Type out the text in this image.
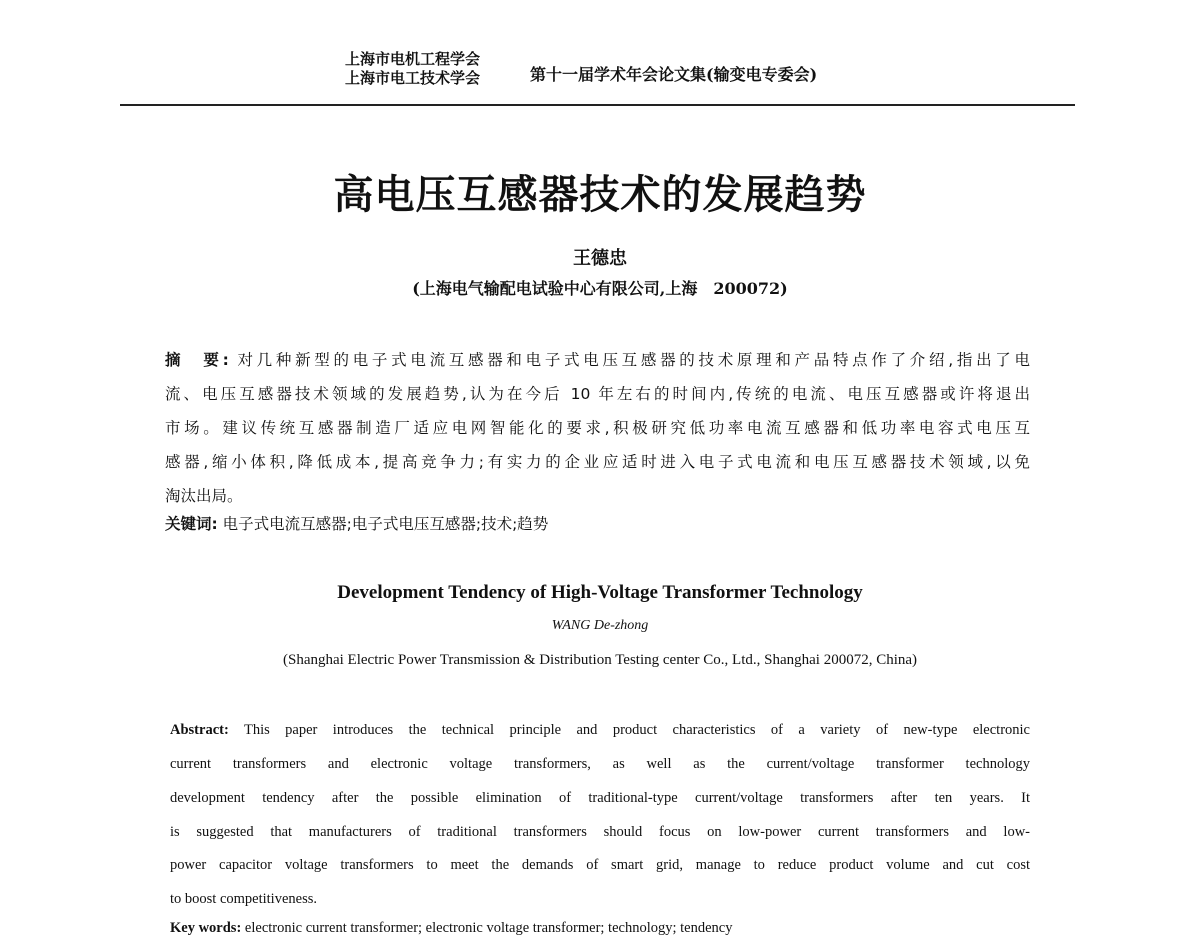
上海市电机工程学会
上海市电工技术学会	第十一届学术年会论文集(输变电专委会)
高电压互感器技术的发展趋势
王德忠
(上海电气输配电试验中心有限公司,上海　200072)
摘　要: 对几种新型的电子式电流互感器和电子式电压互感器的技术原理和产品特点作了介绍,指出了电
流、电压互感器技术领域的发展趋势,认为在今后 10 年左右的时间内,传统的电流、电压互感器或许将退出
市场。建议传统互感器制造厂适应电网智能化的要求,积极研究低功率电流互感器和低功率电容式电压互
感器,缩小体积,降低成本,提高竞争力;有实力的企业应适时进入电子式电流和电压互感器技术领域,以免
淘汰出局。
关键词: 电子式电流互感器;电子式电压互感器;技术;趋势
Development Tendency of High-Voltage Transformer Technology
WANG De-zhong
(Shanghai Electric Power Transmission & Distribution Testing center Co., Ltd., Shanghai 200072, China)
Abstract: This paper introduces the technical principle and product characteristics of a variety of new-type electronic
current transformers and electronic voltage transformers, as well as the current/voltage transformer technology
development tendency after the possible elimination of traditional-type current/voltage transformers after ten years. It
is suggested that manufacturers of traditional transformers should focus on low-power current transformers and low-
power capacitor voltage transformers to meet the demands of smart grid, manage to reduce product volume and cut cost
to boost competitiveness.
Key words: electronic current transformer; electronic voltage transformer; technology; tendency
